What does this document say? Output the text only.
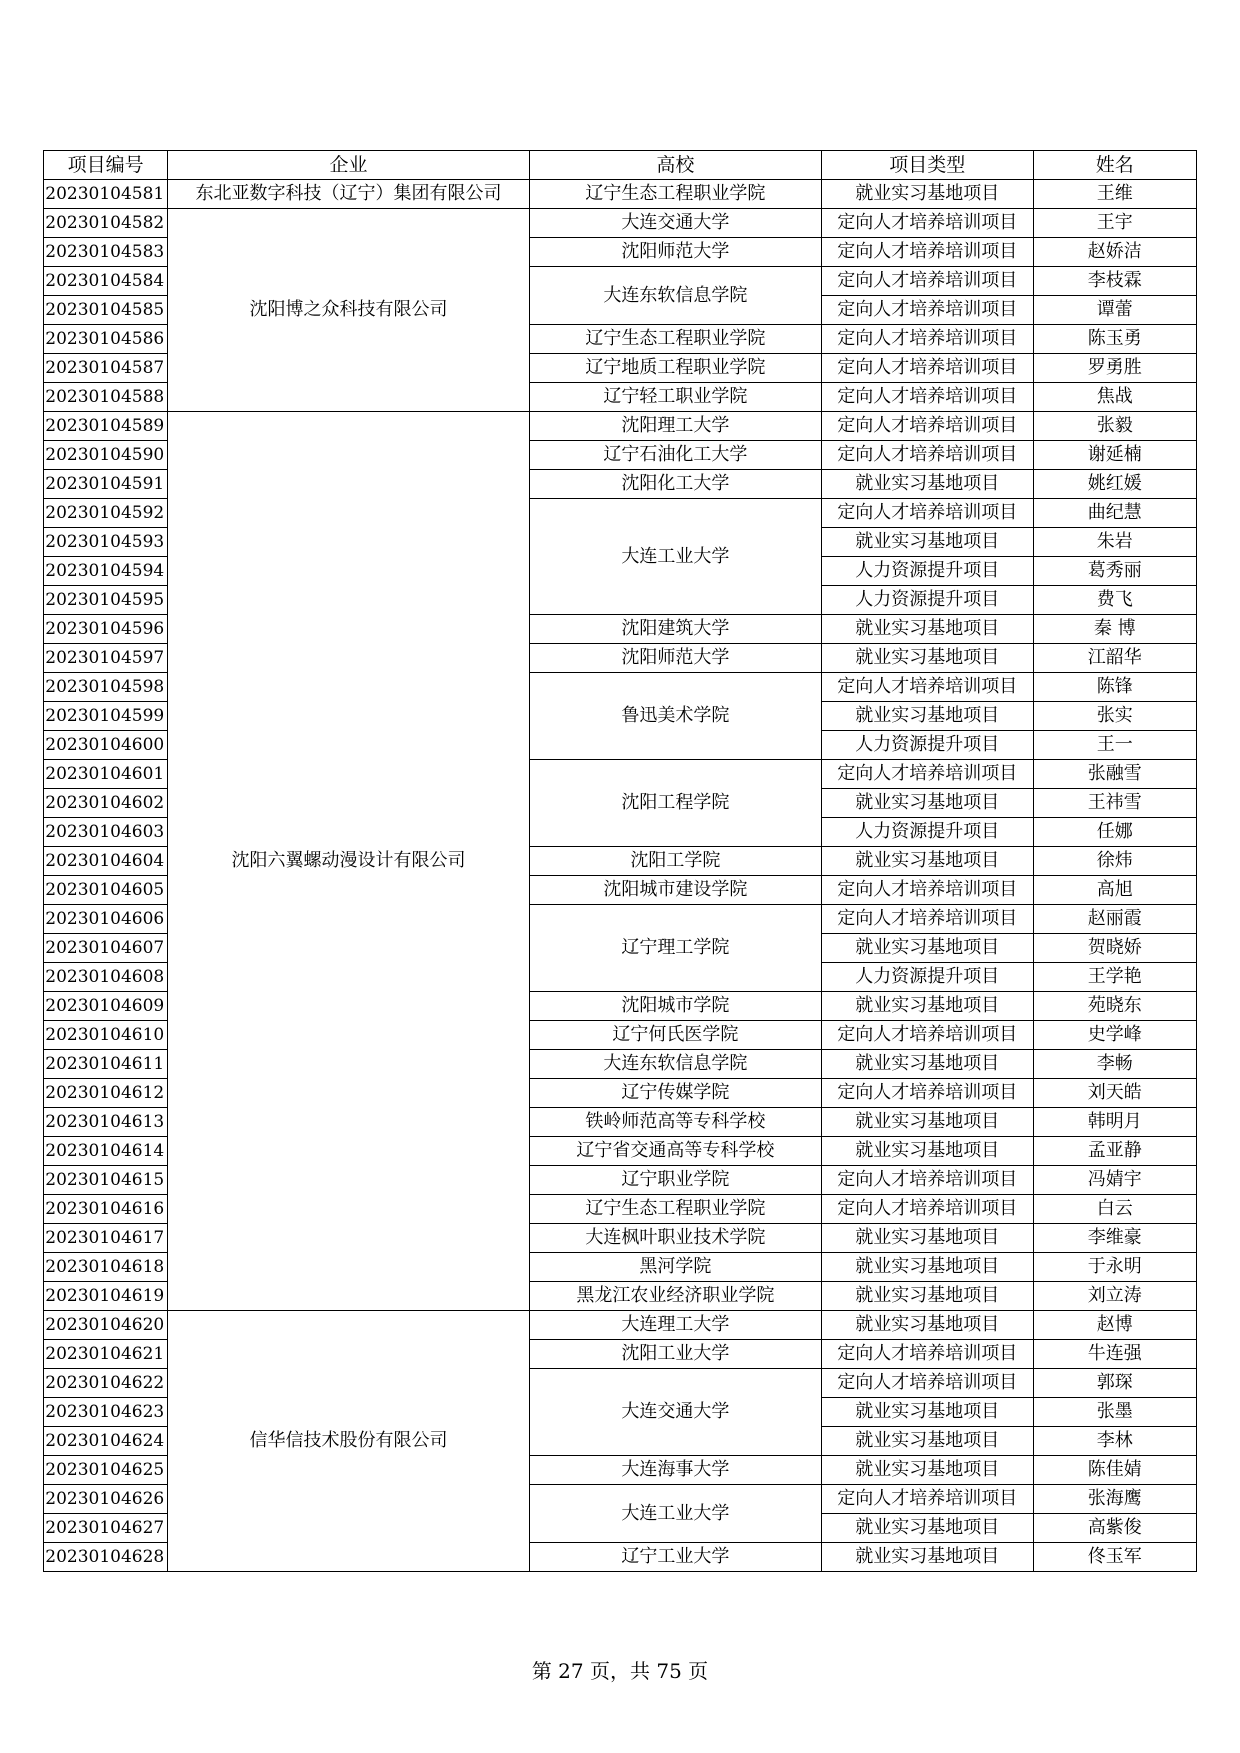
项目编号	企业	高校	项目类型	姓名
20230104581	东北亚数字科技（辽宁）集团有限公司	辽宁生态工程职业学院	就业实习基地项目	王维
20230104582	沈阳博之众科技有限公司	大连交通大学	定向人才培养培训项目	王宇
20230104583		沈阳师范大学	定向人才培养培训项目	赵娇洁
20230104584		大连东软信息学院	定向人才培养培训项目	李枝霖
20230104585			定向人才培养培训项目	谭蕾
20230104586		辽宁生态工程职业学院	定向人才培养培训项目	陈玉勇
20230104587		辽宁地质工程职业学院	定向人才培养培训项目	罗勇胜
20230104588		辽宁轻工职业学院	定向人才培养培训项目	焦战
20230104589	沈阳六翼螺动漫设计有限公司	沈阳理工大学	定向人才培养培训项目	张毅
20230104590		辽宁石油化工大学	定向人才培养培训项目	谢延楠
20230104591		沈阳化工大学	就业实习基地项目	姚红媛
20230104592		大连工业大学	定向人才培养培训项目	曲纪慧
20230104593			就业实习基地项目	朱岩
20230104594			人力资源提升项目	葛秀丽
20230104595			人力资源提升项目	费飞
20230104596		沈阳建筑大学	就业实习基地项目	秦 博
20230104597		沈阳师范大学	就业实习基地项目	江韶华
20230104598		鲁迅美术学院	定向人才培养培训项目	陈锋
20230104599			就业实习基地项目	张实
20230104600			人力资源提升项目	王一
20230104601		沈阳工程学院	定向人才培养培训项目	张融雪
20230104602			就业实习基地项目	王祎雪
20230104603			人力资源提升项目	任娜
20230104604		沈阳工学院	就业实习基地项目	徐炜
20230104605		沈阳城市建设学院	定向人才培养培训项目	高旭
20230104606		辽宁理工学院	定向人才培养培训项目	赵丽霞
20230104607			就业实习基地项目	贺晓娇
20230104608			人力资源提升项目	王学艳
20230104609		沈阳城市学院	就业实习基地项目	苑晓东
20230104610		辽宁何氏医学院	定向人才培养培训项目	史学峰
20230104611		大连东软信息学院	就业实习基地项目	李畅
20230104612		辽宁传媒学院	定向人才培养培训项目	刘天皓
20230104613		铁岭师范高等专科学校	就业实习基地项目	韩明月
20230104614		辽宁省交通高等专科学校	就业实习基地项目	孟亚静
20230104615		辽宁职业学院	定向人才培养培训项目	冯婧宇
20230104616		辽宁生态工程职业学院	定向人才培养培训项目	白云
20230104617		大连枫叶职业技术学院	就业实习基地项目	李维豪
20230104618		黑河学院	就业实习基地项目	于永明
20230104619		黑龙江农业经济职业学院	就业实习基地项目	刘立涛
20230104620	信华信技术股份有限公司	大连理工大学	就业实习基地项目	赵博
20230104621		沈阳工业大学	定向人才培养培训项目	牛连强
20230104622		大连交通大学	定向人才培养培训项目	郭琛
20230104623			就业实习基地项目	张墨
20230104624			就业实习基地项目	李林
20230104625		大连海事大学	就业实习基地项目	陈佳婧
20230104626		大连工业大学	定向人才培养培训项目	张海鹰
20230104627			就业实习基地项目	高紫俊
20230104628		辽宁工业大学	就业实习基地项目	佟玉军
第 27 页，共 75 页
